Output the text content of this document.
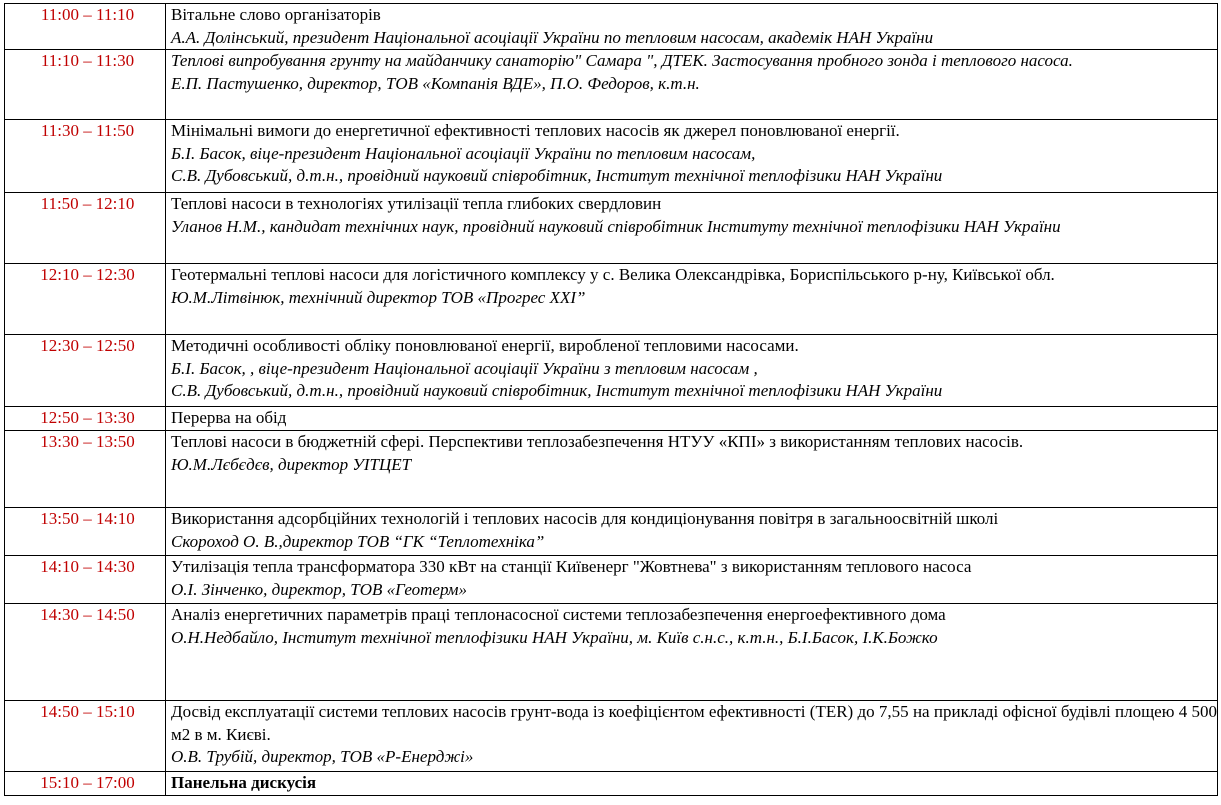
11:00 – 11:10	Вітальне слово організаторів
А.А. Долінський, президент Національної асоціації України по тепловим насосам, академік НАН України

11:10 – 11:30	Теплові випробування грунту на майданчику санаторію" Самара ", ДТЕК. Застосування пробного зонда і теплового насоса.
Е.П. Пастушенко, директор, ТОВ «Компанія ВДЕ», П.О. Федоров, к.т.н.

11:30 – 11:50	Мінімальні вимоги до енергетичної ефективності теплових насосів як джерел поновлюваної енергії.
Б.І. Басок, віце-президент Національної асоціації України по тепловим насосам,
С.В. Дубовський, д.т.н., провідний науковий співробітник, Інститут технічної теплофізики НАН України

11:50 – 12:10	Теплові насоси в технологіях утилізації тепла глибоких свердловин
Уланов Н.М., кандидат технічних наук, провідний науковий співробітник Інституту технічної теплофізики НАН України

12:10 – 12:30	Геотермальні теплові насоси для логістичного комплексу у с. Велика Олександрівка, Бориспільського р-ну, Київської обл.
Ю.М.Літвінюк, технічний директор ТОВ «Прогрес XXI”

12:30 – 12:50	Методичні особливості обліку поновлюваної енергії, виробленої тепловими насосами.
Б.І. Басок, , віце-президент Національної асоціації України з тепловим насосам ,
С.В. Дубовський, д.т.н., провідний науковий співробітник, Інститут технічної теплофізики НАН України

12:50 – 13:30	Перерва на обід

13:30 – 13:50	Теплові насоси в бюджетній сфері. Перспективи теплозабезпечення НТУУ «КПІ» з використанням теплових насосів.
Ю.М.Лєбєдєв, директор УІТЦЕТ

13:50 – 14:10	Використання адсорбційних технологій і теплових насосів для кондиціонування повітря в загальноосвітній школі
Скороход О. В.,директор ТОВ “ГК “Теплотехніка”

14:10 – 14:30	Утилізація тепла трансформатора 330 кВт на станції Київенерг "Жовтнева" з використанням теплового насоса
О.І. Зінченко, директор, ТОВ «Геотерм»

14:30 – 14:50	Аналіз енергетичних параметрів праці теплонасосної системи теплозабезпечення енергоефективного дома
О.Н.Недбайло, Інститут технічної теплофізики НАН України, м. Київ с.н.с., к.т.н., Б.І.Басок, І.К.Божко

14:50 – 15:10	Досвід експлуатації системи теплових насосів грунт-вода із коефіцієнтом ефективності (TER) до 7,55 на прикладі офісної будівлі площею 4 500 м2 в м. Києві.
О.В. Трубій, директор, ТОВ «Р-Енерджі»

15:10 – 17:00	Панельна дискусія
